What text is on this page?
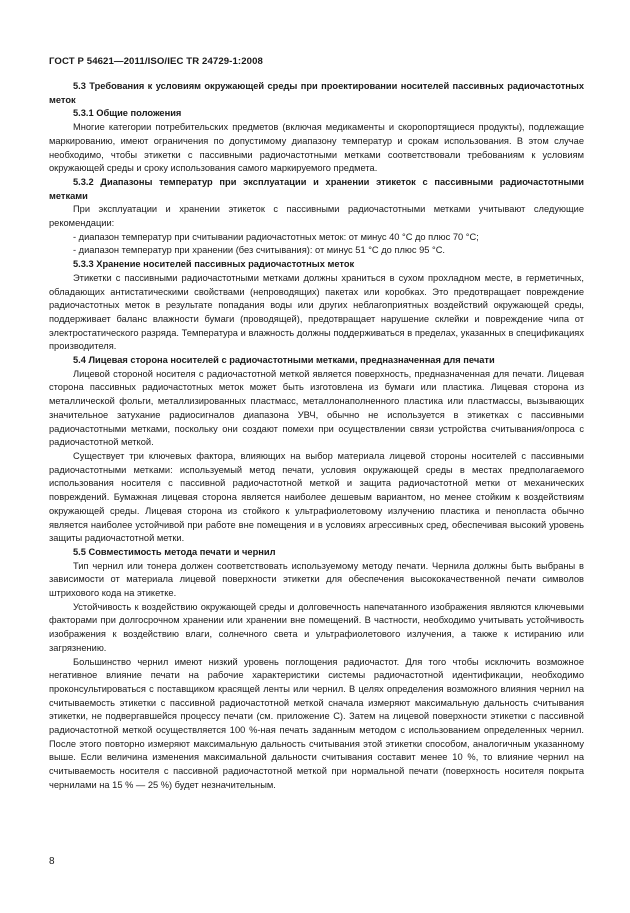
ГОСТ Р 54621—2011/ISO/IEC TR 24729-1:2008

5.3 Требования к условиям окружающей среды при проектировании носителей пассивных радиочастотных меток

5.3.1 Общие положения

Многие категории потребительских предметов (включая медикаменты и скоропортящиеся продукты), подлежащие маркированию, имеют ограничения по допустимому диапазону температур и срокам использования. В этом случае необходимо, чтобы этикетки с пассивными радиочастотными метками соответствовали требованиям к условиям окружающей среды и сроку использования самого маркируемого предмета.

5.3.2 Диапазоны температур при эксплуатации и хранении этикеток с пассивными радиочастотными метками

При эксплуатации и хранении этикеток с пассивными радиочастотными метками учитывают следующие рекомендации:

- диапазон температур при считывании радиочастотных меток: от минус 40 °С до плюс 70 °С;

- диапазон температур при хранении (без считывания): от минус 51 °С до плюс 95 °С.

5.3.3 Хранение носителей пассивных радиочастотных меток

Этикетки с пассивными радиочастотными метками должны храниться в сухом прохладном месте, в герметичных, обладающих антистатическими свойствами (непроводящих) пакетах или коробках. Это предотвращает повреждение радиочастотных меток в результате попадания воды или других неблагоприятных воздействий окружающей среды, поддерживает баланс влажности бумаги (проводящей), предотвращает нарушение склейки и повреждение чипа от электростатического разряда. Температура и влажность должны поддерживаться в пределах, указанных в спецификациях производителя.

5.4 Лицевая сторона носителей с радиочастотными метками, предназначенная для печати

Лицевой стороной носителя с радиочастотной меткой является поверхность, предназначенная для печати. Лицевая сторона пассивных радиочастотных меток может быть изготовлена из бумаги или пластика. Лицевая сторона из металлической фольги, металлизированных пластмасс, металлонаполненного пластика или пластмассы, вызывающих значительное затухание радиосигналов диапазона УВЧ, обычно не используется в этикетках с пассивными радиочастотными метками, поскольку они создают помехи при осуществлении связи устройства считывания/опроса с радиочастотной меткой.

Существует три ключевых фактора, влияющих на выбор материала лицевой стороны носителей с пассивными радиочастотными метками: используемый метод печати, условия окружающей среды в местах предполагаемого использования носителя с пассивной радиочастотной меткой и защита радиочастотной метки от механических повреждений. Бумажная лицевая сторона является наиболее дешевым вариантом, но менее стойким к воздействиям окружающей среды. Лицевая сторона из стойкого к ультрафиолетовому излучению пластика и пенопласта обычно является наиболее устойчивой при работе вне помещения и в условиях агрессивных сред, обеспечивая высокий уровень защиты радиочастотной метки.

5.5 Совместимость метода печати и чернил

Тип чернил или тонера должен соответствовать используемому методу печати. Чернила должны быть выбраны в зависимости от материала лицевой поверхности этикетки для обеспечения высококачественной печати символов штрихового кода на этикетке.

Устойчивость к воздействию окружающей среды и долговечность напечатанного изображения являются ключевыми факторами при долгосрочном хранении или хранении вне помещений. В частности, необходимо учитывать устойчивость изображения к воздействию влаги, солнечного света и ультрафиолетового излучения, а также к истиранию или загрязнению.

Большинство чернил имеют низкий уровень поглощения радиочастот. Для того чтобы исключить возможное негативное влияние печати на рабочие характеристики системы радиочастотной идентификации, необходимо проконсультироваться с поставщиком красящей ленты или чернил. В целях определения возможного влияния чернил на считываемость этикетки с пассивной радиочастотной меткой сначала измеряют максимальную дальность считывания этикетки, не подвергавшейся процессу печати (см. приложение С). Затем на лицевой поверхности этикетки с пассивной радиочастотной меткой осуществляется 100 %-ная печать заданным методом с использованием определенных чернил. После этого повторно измеряют максимальную дальность считывания этой этикетки способом, аналогичным указанному выше. Если величина изменения максимальной дальности считывания составит менее 10 %, то влияние чернил на считываемость носителя с пассивной радиочастотной меткой при нормальной печати (поверхность носителя покрыта чернилами на 15 % — 25 %) будет незначительным.

8
